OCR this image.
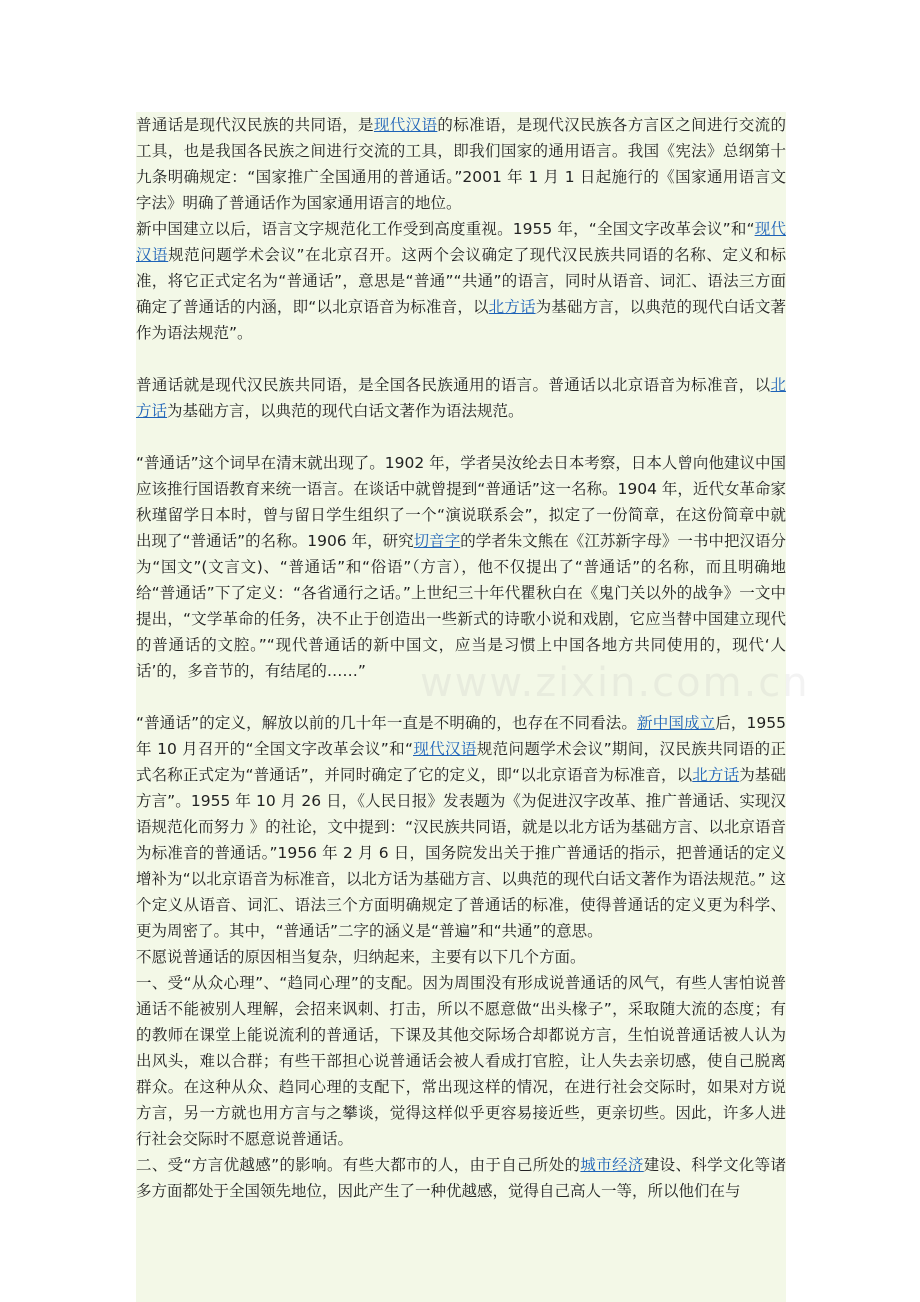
普通话是现代汉民族的共同语，是现代汉语的标准语，是现代汉民族各方言区之间进行交流的工具，也是我国各民族之间进行交流的工具，即我们国家的通用语言。我国《宪法》总纲第十九条明确规定：“国家推广全国通用的普通话。”2001 年 1 月 1 日起施行的《国家通用语言文字法》明确了普通话作为国家通用语言的地位。

新中国建立以后，语言文字规范化工作受到高度重视。1955 年，“全国文字改革会议”和“现代汉语规范问题学术会议”在北京召开。这两个会议确定了现代汉民族共同语的名称、定义和标准，将它正式定名为“普通话”，意思是“普通”“共通”的语言，同时从语音、词汇、语法三方面确定了普通话的内涵，即“以北京语音为标准音，以北方话为基础方言，以典范的现代白话文著作为语法规范”。

普通话就是现代汉民族共同语，是全国各民族通用的语言。普通话以北京语音为标准音，以北方话为基础方言，以典范的现代白话文著作为语法规范。

“普通话”这个词早在清末就出现了。1902 年，学者吴汝纶去日本考察，日本人曾向他建议中国应该推行国语教育来统一语言。在谈话中就曾提到“普通话”这一名称。1904 年，近代女革命家秋瑾留学日本时，曾与留日学生组织了一个“演说联系会”，拟定了一份简章，在这份简章中就出现了“普通话”的名称。1906 年，研究切音字的学者朱文熊在《江苏新字母》一书中把汉语分为“国文”(文言文)、“普通话”和“俗语”（方言），他不仅提出了“普通话”的名称，而且明确地给“普通话”下了定义：“各省通行之话。”上世纪三十年代瞿秋白在《鬼门关以外的战争》一文中提出，“文学革命的任务，决不止于创造出一些新式的诗歌小说和戏剧，它应当替中国建立现代的普通话的文腔。”“现代普通话的新中国文，应当是习惯上中国各地方共同使用的，现代‘人话’的，多音节的，有结尾的……”

“普通话”的定义，解放以前的几十年一直是不明确的，也存在不同看法。新中国成立后，1955 年 10 月召开的“全国文字改革会议”和“现代汉语规范问题学术会议”期间，汉民族共同语的正式名称正式定为“普通话”，并同时确定了它的定义，即“以北京语音为标准音，以北方话为基础方言”。1955 年 10 月 26 日，《人民日报》发表题为《为促进汉字改革、推广普通话、实现汉语规范化而努力 》的社论，文中提到：“汉民族共同语，就是以北方话为基础方言、以北京语音为标准音的普通话。”1956 年 2 月 6 日，国务院发出关于推广普通话的指示，把普通话的定义增补为“以北京语音为标准音，以北方话为基础方言、以典范的现代白话文著作为语法规范。” 这个定义从语音、词汇、语法三个方面明确规定了普通话的标准，使得普通话的定义更为科学、更为周密了。其中，“普通话”二字的涵义是“普遍”和“共通”的意思。

不愿说普通话的原因相当复杂，归纳起来，主要有以下几个方面。

一、受“从众心理”、“趋同心理”的支配。因为周围没有形成说普通话的风气，有些人害怕说普通话不能被别人理解，会招来讽刺、打击，所以不愿意做“出头椽子”，采取随大流的态度；有的教师在课堂上能说流利的普通话，下课及其他交际场合却都说方言，生怕说普通话被人认为出风头，难以合群；有些干部担心说普通话会被人看成打官腔，让人失去亲切感，使自己脱离群众。在这种从众、趋同心理的支配下，常出现这样的情况，在进行社会交际时，如果对方说方言，另一方就也用方言与之攀谈，觉得这样似乎更容易接近些，更亲切些。因此，许多人进行社会交际时不愿意说普通话。

二、受“方言优越感”的影响。有些大都市的人，由于自己所处的城市经济建设、科学文化等诸多方面都处于全国领先地位，因此产生了一种优越感，觉得自己高人一等，所以他们在与
